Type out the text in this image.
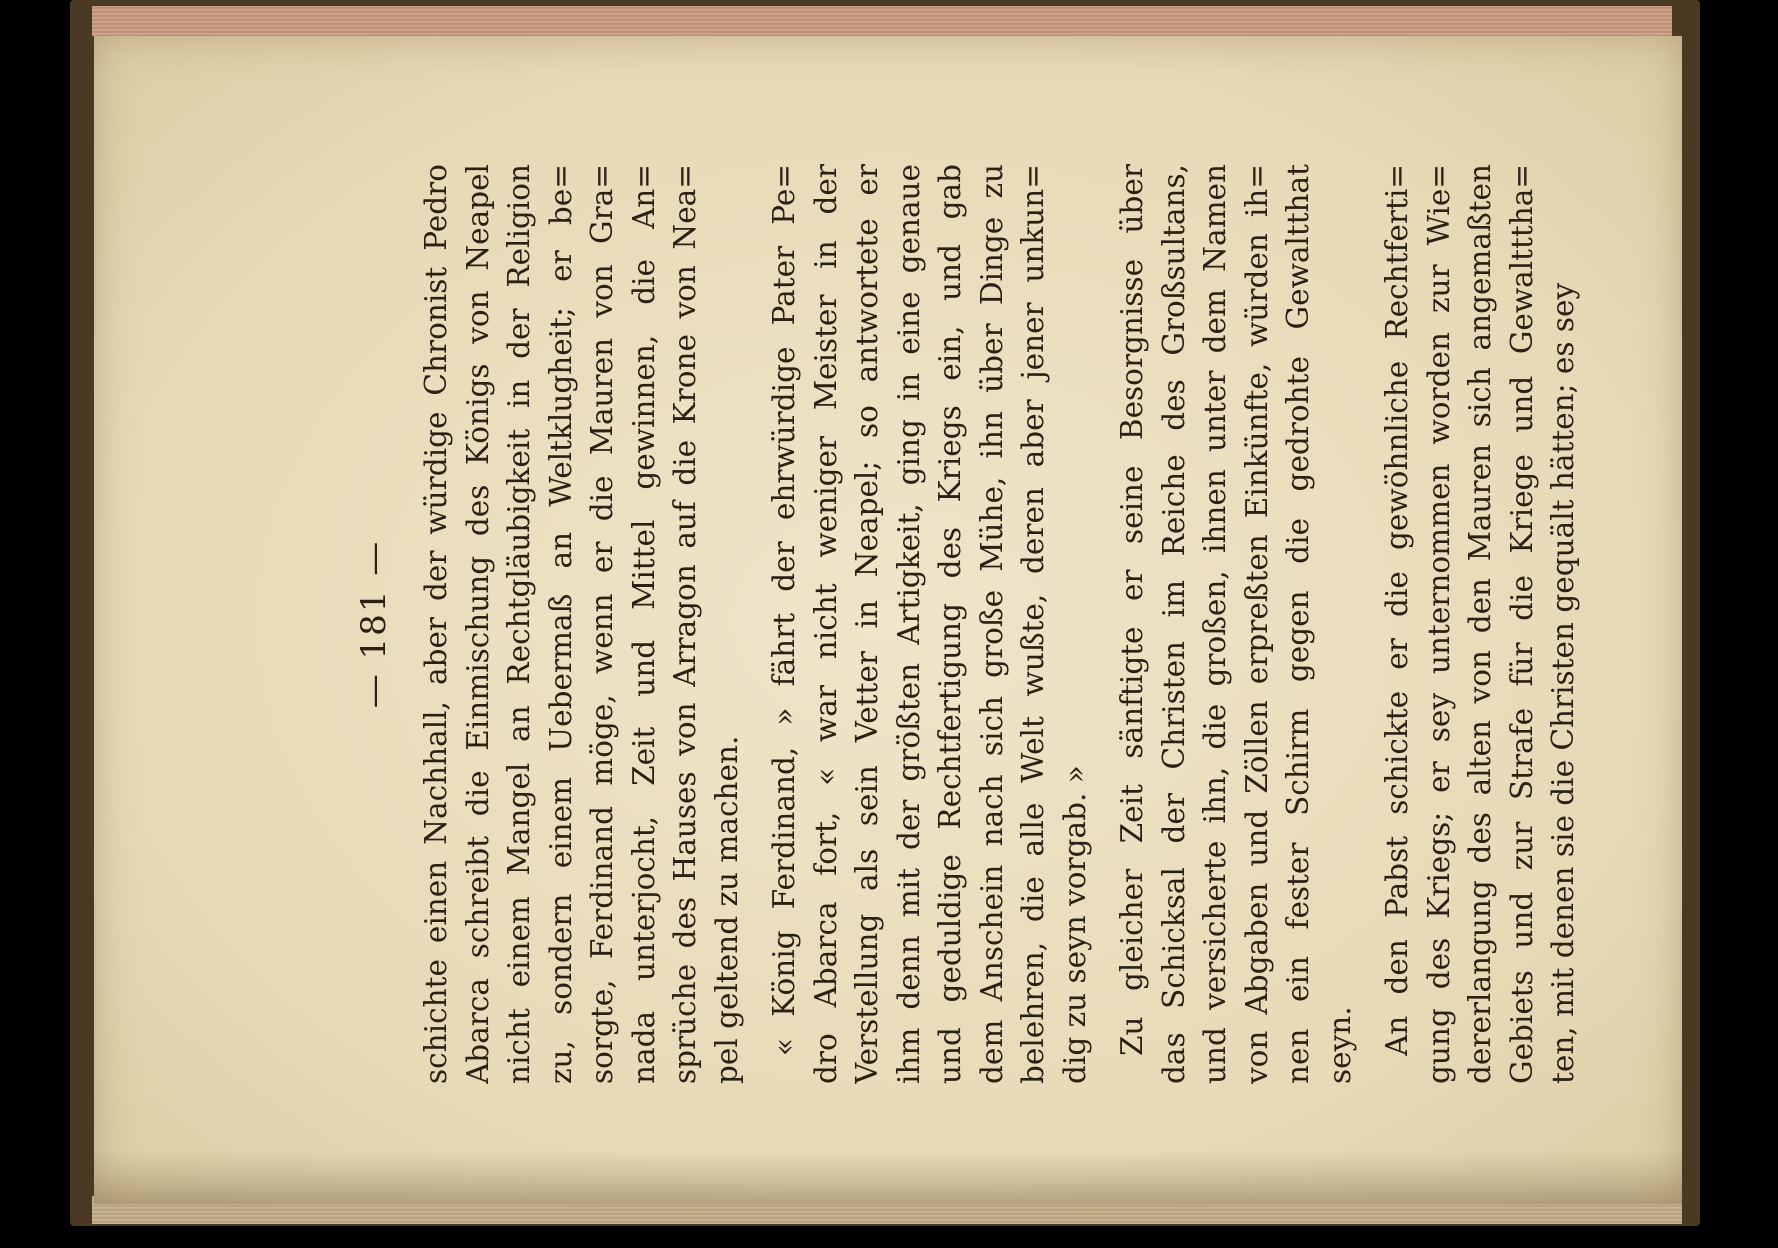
— 181 — schichte einen Nachhall, aber der würdige Chronist Pedro Abarca schreibt die Einmischung des Königs von Neapel nicht einem Mangel an Rechtgläubigkeit in der Religion zu, sondern einem Uebermaß an Weltklugheit; er be= sorgte, Ferdinand möge, wenn er die Mauren von Gra= nada unterjocht, Zeit und Mittel gewinnen, die An= sprüche des Hauses von Arragon auf die Krone von Nea= pel geltend zu machen. « König Ferdinand, » fährt der ehrwürdige Pater Pe= dro Abarca fort, « war nicht weniger Meister in der Verstellung als sein Vetter in Neapel; so antwortete er ihm denn mit der größten Artigkeit, ging in eine genaue und geduldige Rechtfertigung des Kriegs ein, und gab dem Anschein nach sich große Mühe, ihn über Dinge zu belehren, die alle Welt wußte, deren aber jener unkun= dig zu seyn vorgab. » Zu gleicher Zeit sänftigte er seine Besorgnisse über das Schicksal der Christen im Reiche des Großsultans, und versicherte ihn, die großen, ihnen unter dem Namen von Abgaben und Zöllen erpreßten Einkünfte, würden ih= nen ein fester Schirm gegen die gedrohte Gewaltthat seyn. An den Pabst schickte er die gewöhnliche Rechtferti= gung des Kriegs; er sey unternommen worden zur Wie= dererlangung des alten von den Mauren sich angemaßten Gebiets und zur Strafe für die Kriege und Gewaltttha= ten, mit denen sie die Christen gequält hätten; es sey
